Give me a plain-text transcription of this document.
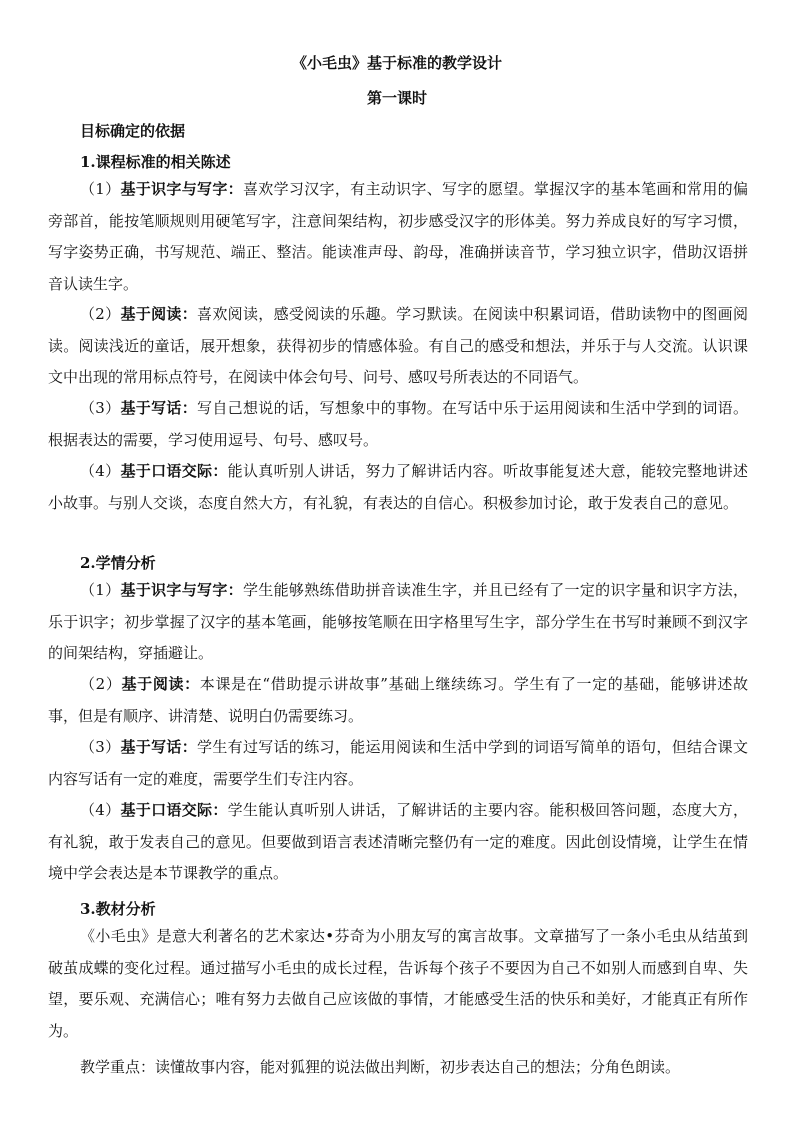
《小毛虫》基于标准的教学设计
第一课时
目标确定的依据
1.课程标准的相关陈述
（1）基于识字与写字：喜欢学习汉字，有主动识字、写字的愿望。掌握汉字的基本笔画和常用的偏旁部首，能按笔顺规则用硬笔写字，注意间架结构，初步感受汉字的形体美。努力养成良好的写字习惯，写字姿势正确，书写规范、端正、整洁。能读准声母、韵母，准确拼读音节，学习独立识字，借助汉语拼音认读生字。
（2）基于阅读：喜欢阅读，感受阅读的乐趣。学习默读。在阅读中积累词语，借助读物中的图画阅读。阅读浅近的童话，展开想象，获得初步的情感体验。有自己的感受和想法，并乐于与人交流。认识课文中出现的常用标点符号，在阅读中体会句号、问号、感叹号所表达的不同语气。
（3）基于写话：写自己想说的话，写想象中的事物。在写话中乐于运用阅读和生活中学到的词语。根据表达的需要，学习使用逗号、句号、感叹号。
（4）基于口语交际：能认真听别人讲话，努力了解讲话内容。听故事能复述大意，能较完整地讲述小故事。与别人交谈，态度自然大方，有礼貌，有表达的自信心。积极参加讨论，敢于发表自己的意见。
2.学情分析
（1）基于识字与写字：学生能够熟练借助拼音读准生字，并且已经有了一定的识字量和识字方法，乐于识字；初步掌握了汉字的基本笔画，能够按笔顺在田字格里写生字，部分学生在书写时兼顾不到汉字的间架结构，穿插避让。
（2）基于阅读：本课是在“借助提示讲故事”基础上继续练习。学生有了一定的基础，能够讲述故事，但是有顺序、讲清楚、说明白仍需要练习。
（3）基于写话：学生有过写话的练习，能运用阅读和生活中学到的词语写简单的语句，但结合课文内容写话有一定的难度，需要学生们专注内容。
（4）基于口语交际：学生能认真听别人讲话，了解讲话的主要内容。能积极回答问题，态度大方，有礼貌，敢于发表自己的意见。但要做到语言表述清晰完整仍有一定的难度。因此创设情境，让学生在情境中学会表达是本节课教学的重点。
3.教材分析
《小毛虫》是意大利著名的艺术家达•芬奇为小朋友写的寓言故事。文章描写了一条小毛虫从结茧到破茧成蝶的变化过程。通过描写小毛虫的成长过程，告诉每个孩子不要因为自己不如别人而感到自卑、失望，要乐观、充满信心；唯有努力去做自己应该做的事情，才能感受生活的快乐和美好，才能真正有所作为。
教学重点：读懂故事内容，能对狐狸的说法做出判断，初步表达自己的想法；分角色朗读。
